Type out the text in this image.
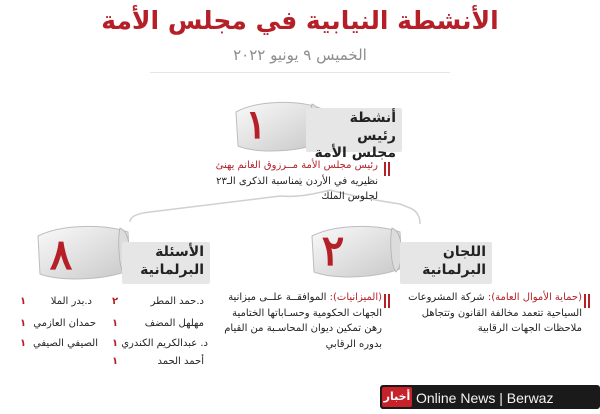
الأنشطة النيابية في مجلس الأمة
الخميس ٩ يونيو ٢٠٢٢
١	أنشطة رئيس
مجلس الأمة
رئيس مجلس الأمة مــرزوق الغانم يهنئ
نظيريه في الأردن بمناسبة الذكرى الـ٢٣
لجلوس الملك
٢	اللجان
البرلمانية
(حماية الأموال العامة): شركة المشروعات
السياحية تتعمد مخالفة القانون وتتجاهل
ملاحظات الجهات الرقابية
(الميزانيات): الموافقــة علــى ميزانية
الجهات الحكومية وحسـاباتها الختامية
رهن تمكين ديوان المحاسـبة من القيام
بدوره الرقابي
٨	الأسئلة
البرلمانية
٢	د.حمد المطر
١	مهلهل المضف
١ د. عبدالكريم الكندري
١	أحمد الحمد
١	د.بدر الملا
١ حمدان العازمي
١ الصيفي الصيفي
أخبار Online News | Berwaz
